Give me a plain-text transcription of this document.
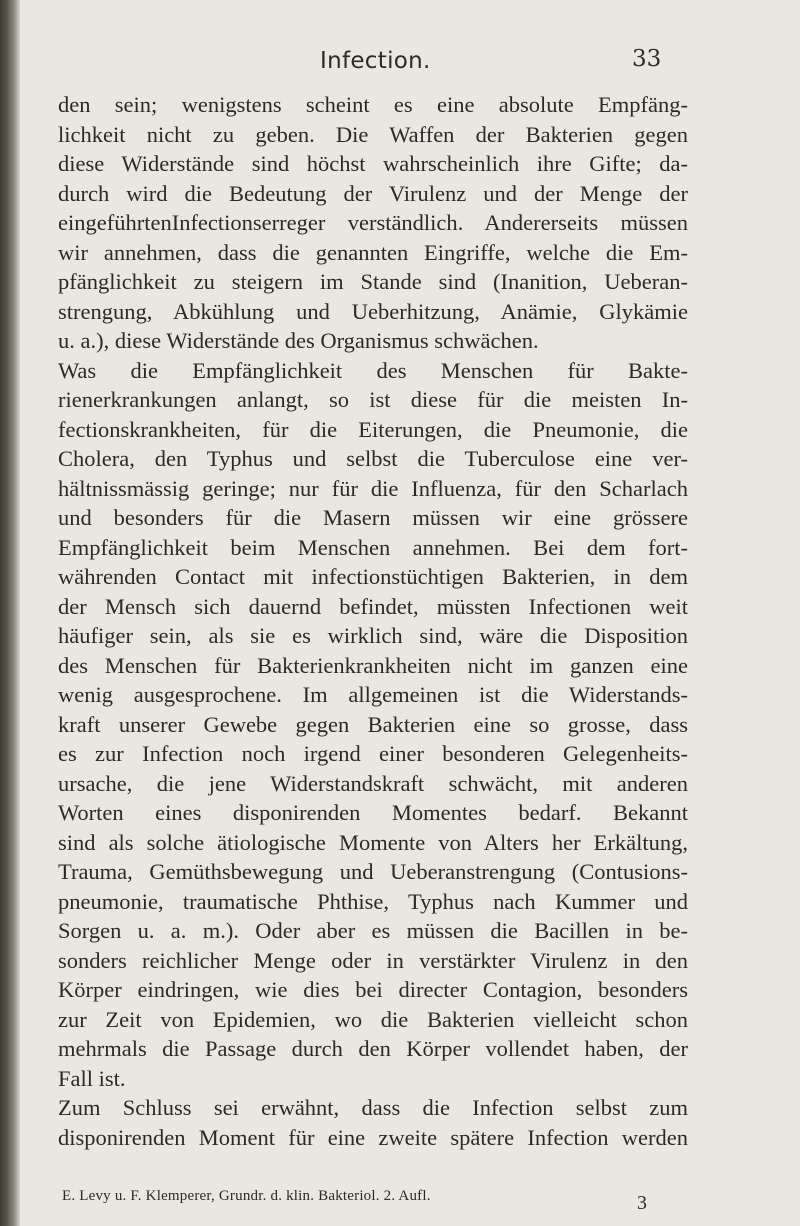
Infection.	33

den sein; wenigstens scheint es eine absolute Empfäng-
lichkeit nicht zu geben. Die Waffen der Bakterien gegen
diese Widerstände sind höchst wahrscheinlich ihre Gifte; da-
durch wird die Bedeutung der Virulenz und der Menge der
eingeführtenInfectionserreger verständlich. Andererseits müssen
wir annehmen, dass die genannten Eingriffe, welche die Em-
pfänglichkeit zu steigern im Stande sind (Inanition, Ueberan-
strengung, Abkühlung und Ueberhitzung, Anämie, Glykämie
u. a.), diese Widerstände des Organismus schwächen.
Was die Empfänglichkeit des Menschen für Bakte-
rienerkrankungen anlangt, so ist diese für die meisten In-
fectionskrankheiten, für die Eiterungen, die Pneumonie, die
Cholera, den Typhus und selbst die Tuberculose eine ver-
hältnissmässig geringe; nur für die Influenza, für den Scharlach
und besonders für die Masern müssen wir eine grössere
Empfänglichkeit beim Menschen annehmen. Bei dem fort-
währenden Contact mit infectionstüchtigen Bakterien, in dem
der Mensch sich dauernd befindet, müssten Infectionen weit
häufiger sein, als sie es wirklich sind, wäre die Disposition
des Menschen für Bakterienkrankheiten nicht im ganzen eine
wenig ausgesprochene. Im allgemeinen ist die Widerstands-
kraft unserer Gewebe gegen Bakterien eine so grosse, dass
es zur Infection noch irgend einer besonderen Gelegenheits-
ursache, die jene Widerstandskraft schwächt, mit anderen
Worten eines disponirenden Momentes bedarf. Bekannt
sind als solche ätiologische Momente von Alters her Erkältung,
Trauma, Gemüthsbewegung und Ueberanstrengung (Contusions-
pneumonie, traumatische Phthise, Typhus nach Kummer und
Sorgen u. a. m.). Oder aber es müssen die Bacillen in be-
sonders reichlicher Menge oder in verstärkter Virulenz in den
Körper eindringen, wie dies bei directer Contagion, besonders
zur Zeit von Epidemien, wo die Bakterien vielleicht schon
mehrmals die Passage durch den Körper vollendet haben, der
Fall ist.
Zum Schluss sei erwähnt, dass die Infection selbst zum
disponirenden Moment für eine zweite spätere Infection werden

E. Levy u. F. Klemperer, Grundr. d. klin. Bakteriol. 2. Aufl.	3
